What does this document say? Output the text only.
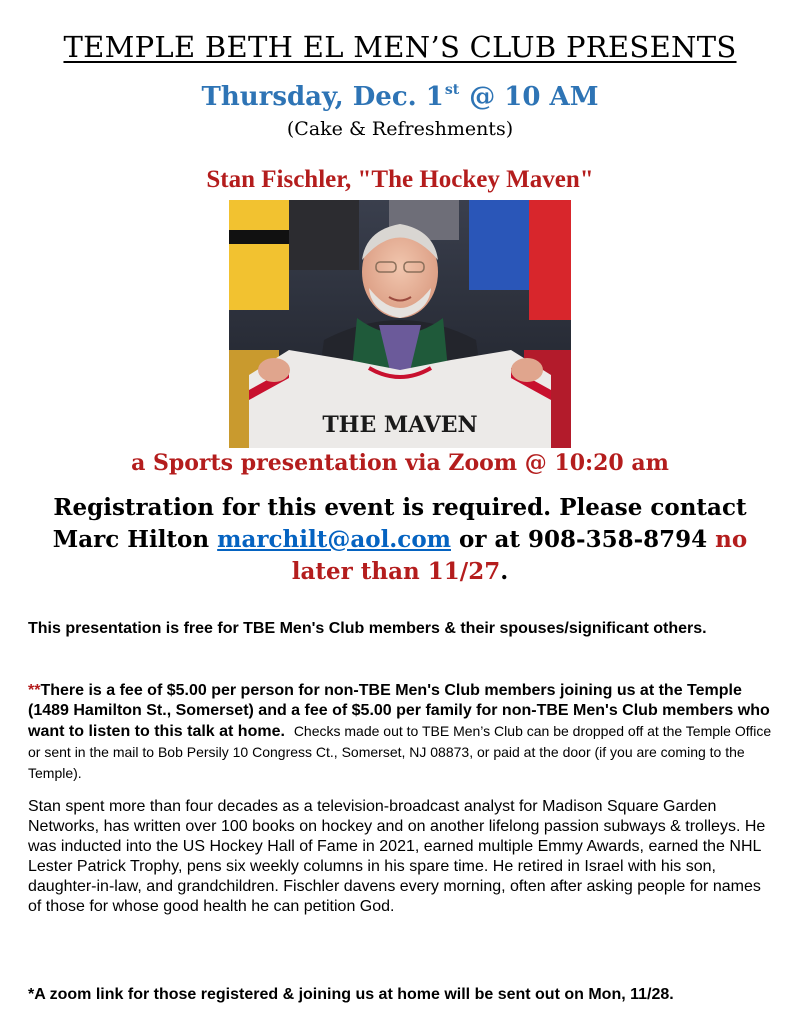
TEMPLE BETH EL MEN’S CLUB PRESENTS
Thursday, Dec. 1st @ 10 AM
(Cake & Refreshments)
Stan Fischler, "The Hockey Maven"
THE MAVEN
a Sports presentation via Zoom @ 10:20 am
Registration for this event is required. Please contact
Marc Hilton marchilt@aol.com or at 908-358-8794 no later than 11/27.
This presentation is free for TBE Men's Club members & their spouses/significant others.
**There is a fee of $5.00 per person for non-TBE Men's Club members joining us at the Temple (1489 Hamilton St., Somerset) and a fee of $5.00 per family for non-TBE Men's Club members who want to listen to this talk at home. Checks made out to TBE Men’s Club can be dropped off at the Temple Office or sent in the mail to Bob Persily 10 Congress Ct., Somerset, NJ 08873, or paid at the door (if you are coming to the Temple).
Stan spent more than four decades as a television-broadcast analyst for Madison Square Garden Networks, has written over 100 books on hockey and on another lifelong passion subways & trolleys. He was inducted into the US Hockey Hall of Fame in 2021, earned multiple Emmy Awards, earned the NHL Lester Patrick Trophy, pens six weekly columns in his spare time. He retired in Israel with his son, daughter-in-law, and grandchildren. Fischler davens every morning, often after asking people for names of those for whose good health he can petition God.
*A zoom link for those registered & joining us at home will be sent out on Mon, 11/28.
